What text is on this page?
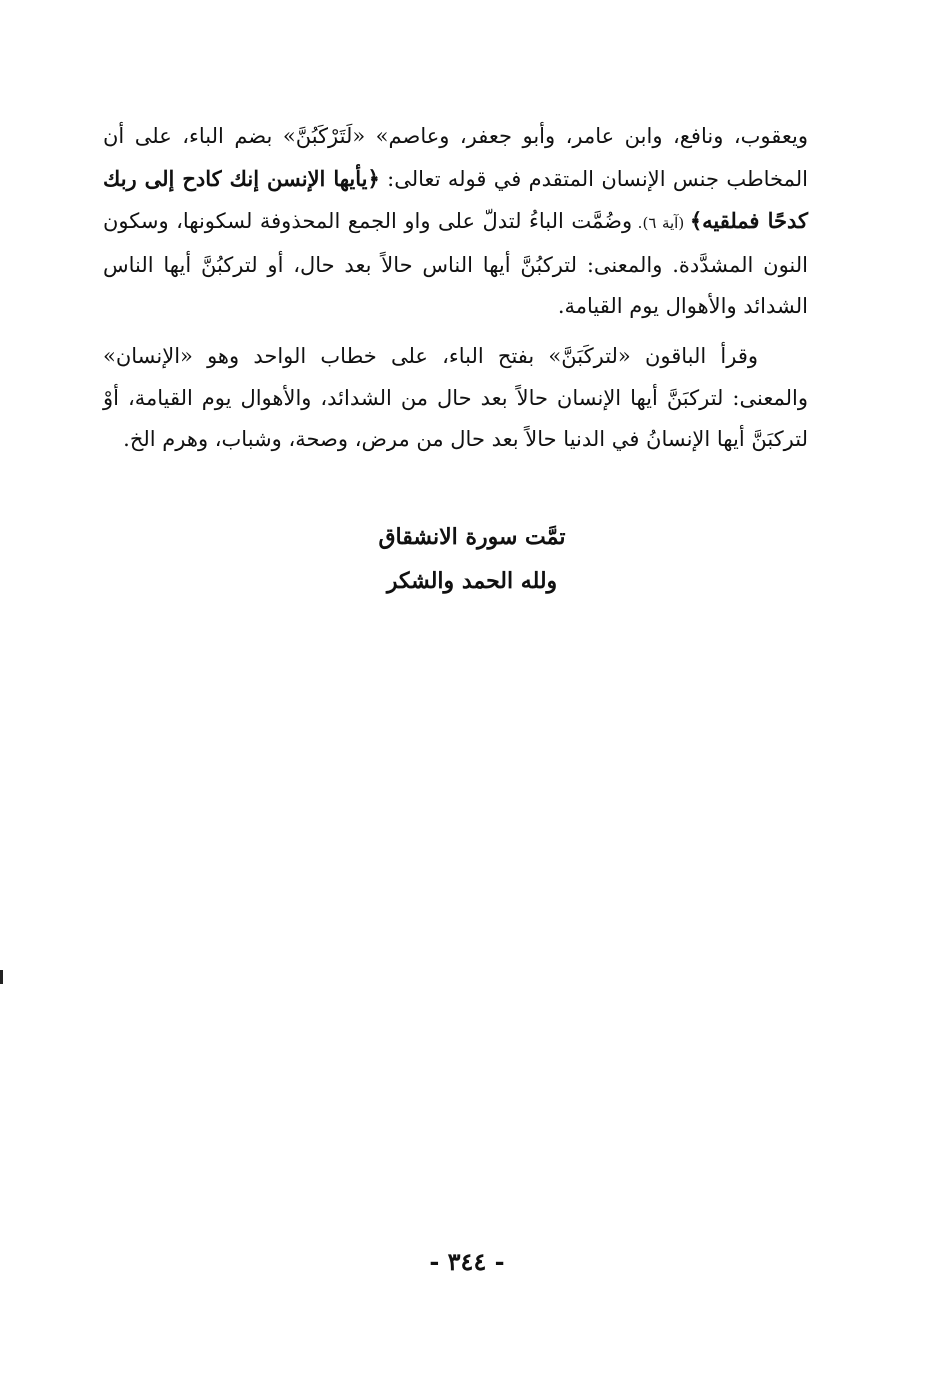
ويعقوب، ونافع، وابن عامر، وأبو جعفر، وعاصم» «لَتَرْكَبُنَّ» بضم الباء، على أن المخاطب جنس الإنسان المتقدم في قوله تعالى: ﴿يأيها الإنسن إنك كادح إلى ربك كدحًا فملقيه﴾ (آية ٦). وضُمَّت الباءُ لتدلّ على واو الجمع المحذوفة لسكونها، وسكون النون المشدَّدة. والمعنى: لتركبُنَّ أيها الناس حالاً بعد حال، أو لتركبُنَّ أيها الناس الشدائد والأهوال يوم القيامة.

وقرأ الباقون «لتركَبَنَّ» بفتح الباء، على خطاب الواحد وهو «الإنسان» والمعنى: لتركبَنَّ أيها الإنسان حالاً بعد حال من الشدائد، والأهوال يوم القيامة، أوْ لتركبَنَّ أيها الإنسانُ في الدنيا حالاً بعد حال من مرض، وصحة، وشباب، وهرم الخ.

تمَّت سورة الانشقاق
ولله الحمد والشكر
- ٣٤٤ -
